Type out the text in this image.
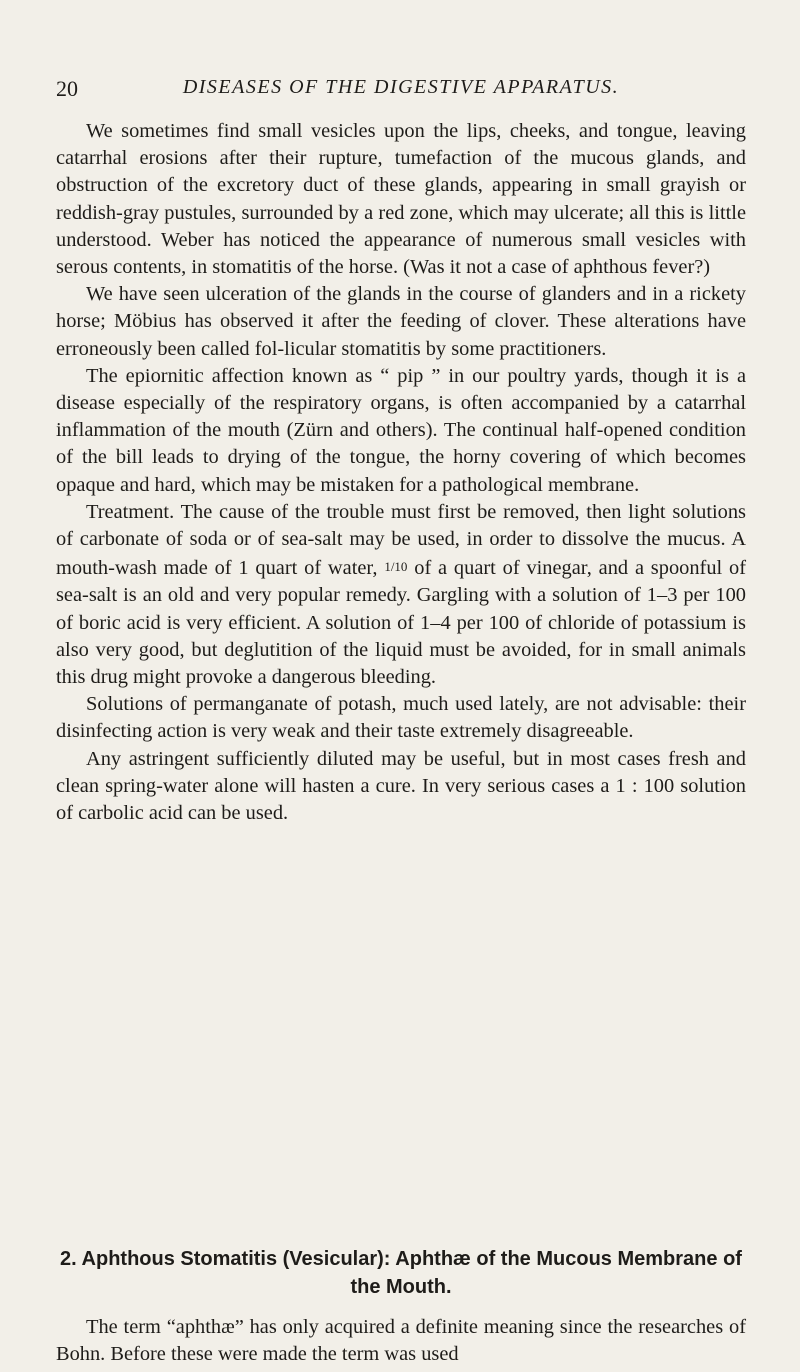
20	DISEASES OF THE DIGESTIVE APPARATUS.

We sometimes find small vesicles upon the lips, cheeks, and tongue, leaving catarrhal erosions after their rupture, tumefaction of the mucous glands, and obstruction of the excretory duct of these glands, appearing in small grayish or reddish-gray pustules, surrounded by a red zone, which may ulcerate; all this is little understood. Weber has noticed the appearance of numerous small vesicles with serous contents, in stomatitis of the horse. (Was it not a case of aphthous fever?)

We have seen ulceration of the glands in the course of glanders and in a rickety horse; Möbius has observed it after the feeding of clover. These alterations have erroneously been called fol-licular stomatitis by some practitioners.

The epiornitic affection known as “ pip ” in our poultry yards, though it is a disease especially of the respiratory organs, is often accompanied by a catarrhal inflammation of the mouth (Zürn and others). The continual half-opened condition of the bill leads to drying of the tongue, the horny covering of which becomes opaque and hard, which may be mistaken for a pathological membrane.

Treatment. The cause of the trouble must first be removed, then light solutions of carbonate of soda or of sea-salt may be used, in order to dissolve the mucus. A mouth-wash made of 1 quart of water, 1/10 of a quart of vinegar, and a spoonful of sea-salt is an old and very popular remedy. Gargling with a solution of 1–3 per 100 of boric acid is very efficient. A solution of 1–4 per 100 of chloride of potassium is also very good, but deglutition of the liquid must be avoided, for in small animals this drug might provoke a dangerous bleeding.

Solutions of permanganate of potash, much used lately, are not advisable: their disinfecting action is very weak and their taste extremely disagreeable.

Any astringent sufficiently diluted may be useful, but in most cases fresh and clean spring-water alone will hasten a cure. In very serious cases a 1 : 100 solution of carbolic acid can be used.

2. Aphthous Stomatitis (Vesicular): Aphthæ of the Mucous Membrane of the Mouth.

The term “aphthæ” has only acquired a definite meaning since the researches of Bohn. Before these were made the term was used
